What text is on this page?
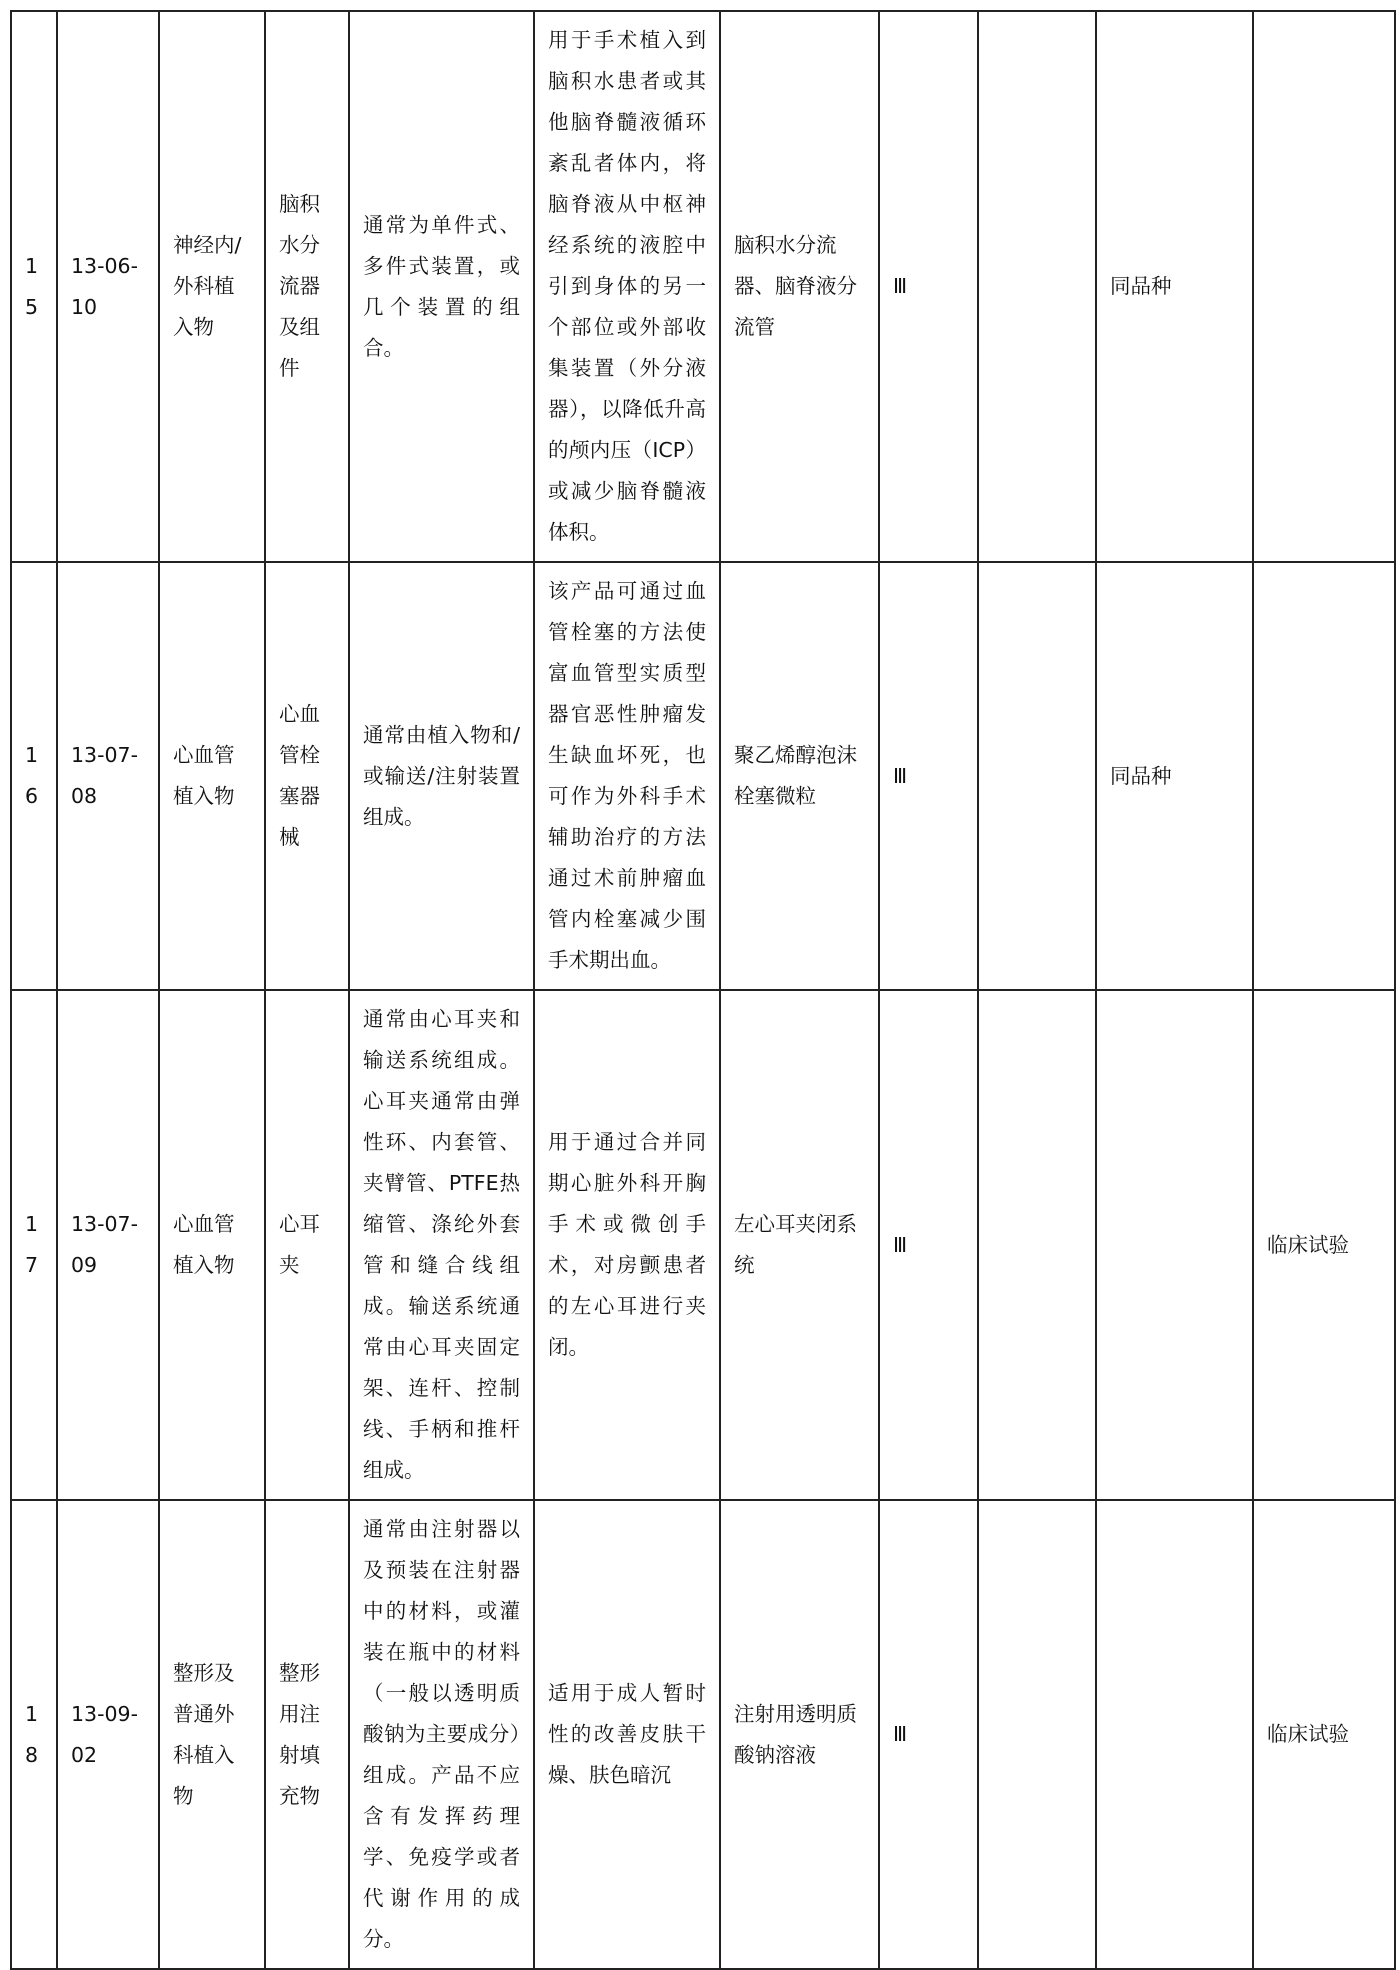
15	13-06-10	神经内/外科植入物	脑积水分流器及组件	通常为单件式、多件式装置，或几个装置的组合。	用于手术植入到脑积水患者或其他脑脊髓液循环紊乱者体内，将脑脊液从中枢神经系统的液腔中引到身体的另一个部位或外部收集装置（外分液器），以降低升高的颅内压（ICP）或减少脑脊髓液体积。	脑积水分流器、脑脊液分流管	Ⅲ		同品种	
16	13-07-08	心血管植入物	心血管栓塞器械	通常由植入物和/或输送/注射装置组成。	该产品可通过血管栓塞的方法使富血管型实质型器官恶性肿瘤发生缺血坏死，也可作为外科手术辅助治疗的方法通过术前肿瘤血管内栓塞减少围手术期出血。	聚乙烯醇泡沫栓塞微粒	Ⅲ		同品种	
17	13-07-09	心血管植入物	心耳夹	通常由心耳夹和输送系统组成。心耳夹通常由弹性环、内套管、夹臂管、PTFE热缩管、涤纶外套管和缝合线组成。输送系统通常由心耳夹固定架、连杆、控制线、手柄和推杆组成。	用于通过合并同期心脏外科开胸手术或微创手术，对房颤患者的左心耳进行夹闭。	左心耳夹闭系统	Ⅲ			临床试验
18	13-09-02	整形及普通外科植入物	整形用注射填充物	通常由注射器以及预装在注射器中的材料，或灌装在瓶中的材料（一般以透明质酸钠为主要成分）组成。产品不应含有发挥药理学、免疫学或者代谢作用的成分。	适用于成人暂时性的改善皮肤干燥、肤色暗沉	注射用透明质酸钠溶液	Ⅲ			临床试验
